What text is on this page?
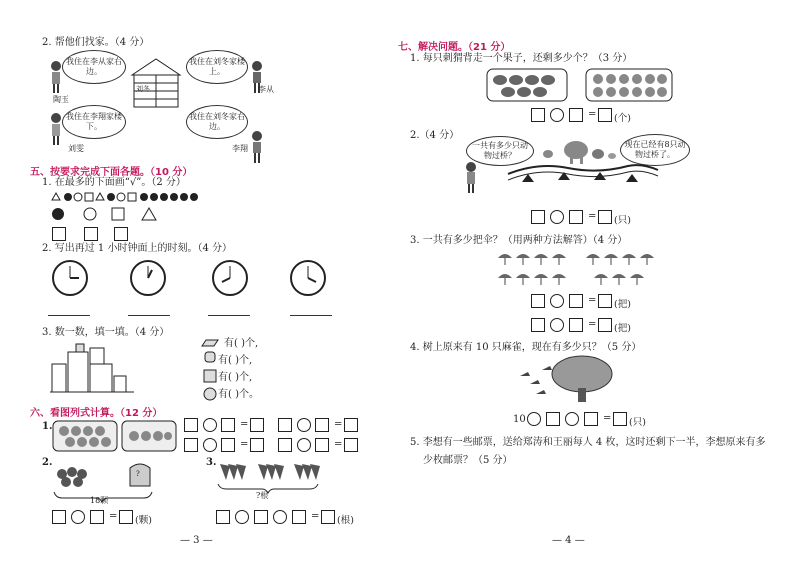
2. 帮他们找家。（4 分）
我住在李从家右边。
陶玉
刘冬
我住在刘冬家楼上。
李从
我住在李翔家楼下。
刘雯
我住在刘冬家右边。
李翔
五、按要求完成下面各题。（10 分）
1. 在最多的下面画“√”。（2 分）
2. 写出再过 1 小时钟面上的时刻。（4 分）
3. 数一数，填一填。（4 分）
有( )个,
有( )个,
有( )个,
有( )个。
六、看图列式计算。（12 分）
1.	=	=
=	=
2.
?
18颗
= (颗)
3.
?根
= (根)
— 3 —
七、解决问题。（21 分）
1. 每只刺猬背走一个果子，还剩多少个？（3 分）
= (个)
2.（4 分）
一共有多少只动物过桥？
现在已经有8只动物过桥了。
= (只)
3. 一共有多少把伞？（用两种方法解答）（4 分）
= (把)
= (把)
4. 树上原来有 10 只麻雀，现在有多少只？（5 分）
10	= (只)
5. 李想有一些邮票，送给郑涛和王丽每人 4 枚，这时还剩下一半，李想原来有多
少枚邮票？（5 分）
— 4 —
